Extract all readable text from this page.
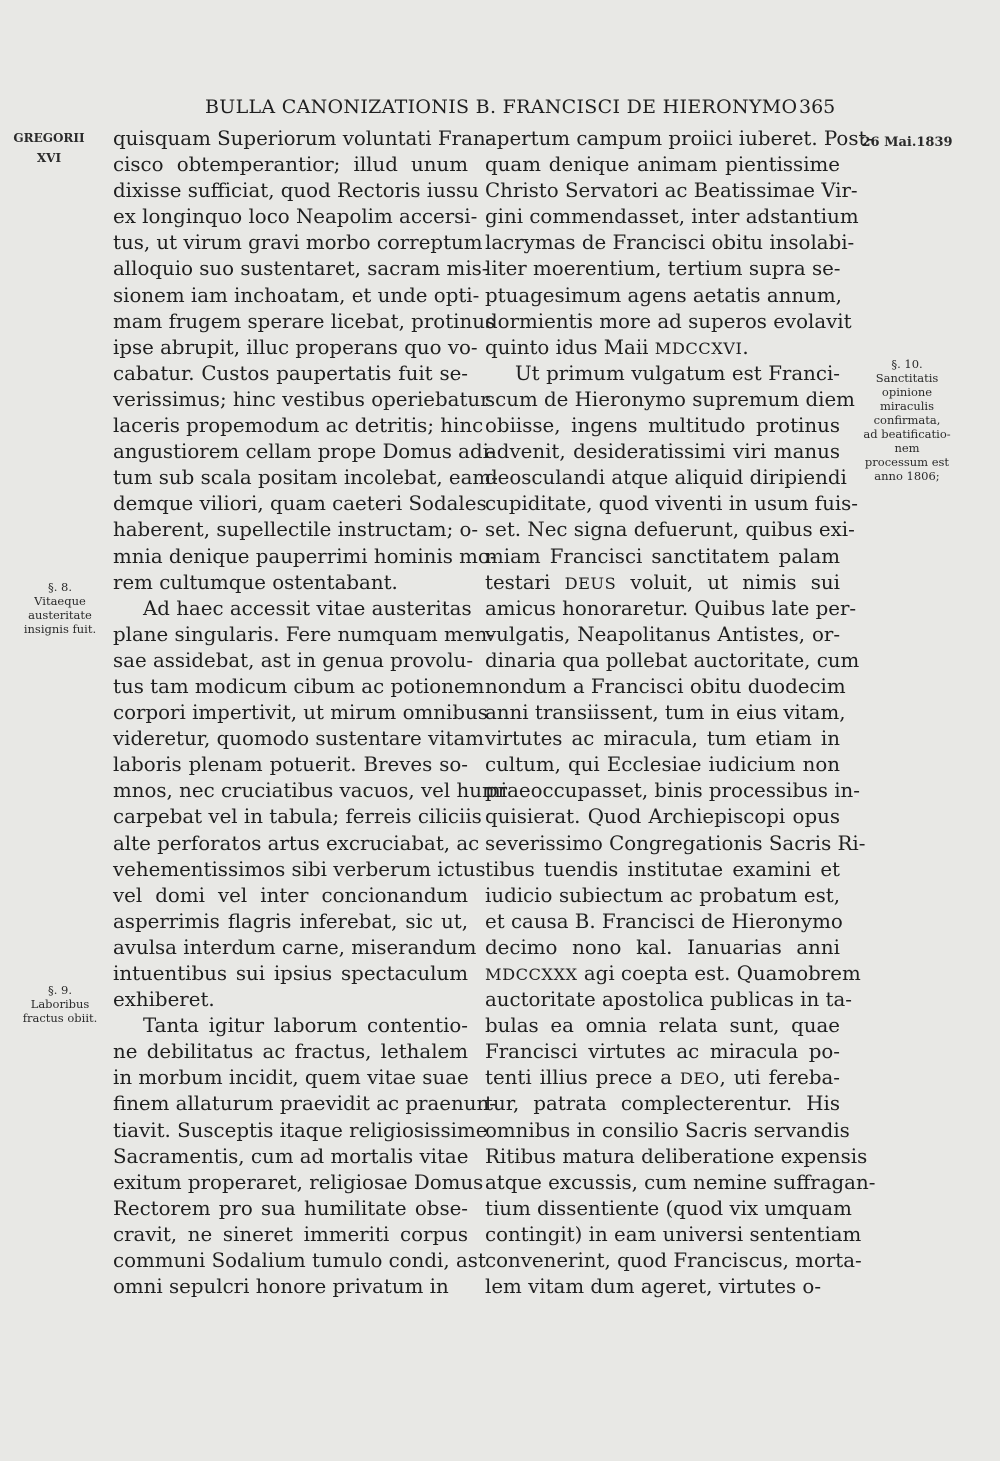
BULLA CANONIZATIONIS B. FRANCISCI DE HIERONYMO 365
GREGORII
XVI
26 Mai.1839
§. 8.
Vitaeque
austeritate
insignis fuit.
§. 9.
Laboribus
fractus obiit.
§. 10.
Sanctitatis
opinione
miraculis
confirmata,
ad beatificatio-
nem
processum est
anno 1806;
quisquam Superiorum voluntati Fran-
cisco obtemperantior; illud unum
dixisse sufficiat, quod Rectoris iussu
ex longinquo loco Neapolim accersi-
tus, ut virum gravi morbo correptum
alloquio suo sustentaret, sacram mis-
sionem iam inchoatam, et unde opti-
mam frugem sperare licebat, protinus
ipse abrupit, illuc properans quo vo-
cabatur. Custos paupertatis fuit se-
verissimus; hinc vestibus operiebatur
laceris propemodum ac detritis; hinc
angustiorem cellam prope Domus adi-
tum sub scala positam incolebat, eam-
demque viliori, quam caeteri Sodales
haberent, supellectile instructam; o-
mnia denique pauperrimi hominis mo-
rem cultumque ostentabant.
Ad haec accessit vitae austeritas
plane singularis. Fere numquam men-
sae assidebat, ast in genua provolu-
tus tam modicum cibum ac potionem
corpori impertivit, ut mirum omnibus
videretur, quomodo sustentare vitam
laboris plenam potuerit. Breves so-
mnos, nec cruciatibus vacuos, vel humi
carpebat vel in tabula; ferreis ciliciis
alte perforatos artus excruciabat, ac
vehementissimos sibi verberum ictus
vel domi vel inter concionandum
asperrimis flagris inferebat, sic ut,
avulsa interdum carne, miserandum
intuentibus sui ipsius spectaculum
exhiberet.
Tanta igitur laborum contentio-
ne debilitatus ac fractus, lethalem
in morbum incidit, quem vitae suae
finem allaturum praevidit ac praenun-
tiavit. Susceptis itaque religiosissime
Sacramentis, cum ad mortalis vitae
exitum properaret, religiosae Domus
Rectorem pro sua humilitate obse-
cravit, ne sineret immeriti corpus
communi Sodalium tumulo condi, ast
omni sepulcri honore privatum in
apertum campum proiici iuberet. Post-
quam denique animam pientissime
Christo Servatori ac Beatissimae Vir-
gini commendasset, inter adstantium
lacrymas de Francisci obitu insolabi-
liter moerentium, tertium supra se-
ptuagesimum agens aetatis annum,
dormientis more ad superos evolavit
quinto idus Maii MDCCXVI.
Ut primum vulgatum est Franci-
scum de Hieronymo supremum diem
obiisse, ingens multitudo protinus
advenit, desideratissimi viri manus
deosculandi atque aliquid diripiendi
cupiditate, quod viventi in usum fuis-
set. Nec signa defuerunt, quibus exi-
miam Francisci sanctitatem palam
testari DEUS voluit, ut nimis sui
amicus honoraretur. Quibus late per-
vulgatis, Neapolitanus Antistes, or-
dinaria qua pollebat auctoritate, cum
nondum a Francisci obitu duodecim
anni transiissent, tum in eius vitam,
virtutes ac miracula, tum etiam in
cultum, qui Ecclesiae iudicium non
praeoccupasset, binis processibus in-
quisierat. Quod Archiepiscopi opus
severissimo Congregationis Sacris Ri-
tibus tuendis institutae examini et
iudicio subiectum ac probatum est,
et causa B. Francisci de Hieronymo
decimo nono kal. Ianuarias anni
MDCCXXX agi coepta est. Quamobrem
auctoritate apostolica publicas in ta-
bulas ea omnia relata sunt, quae
Francisci virtutes ac miracula po-
tenti illius prece a DEO, uti fereba-
tur, patrata complecterentur. His
omnibus in consilio Sacris servandis
Ritibus matura deliberatione expensis
atque excussis, cum nemine suffragan-
tium dissentiente (quod vix umquam
contingit) in eam universi sententiam
convenerint, quod Franciscus, morta-
lem vitam dum ageret, virtutes o-
